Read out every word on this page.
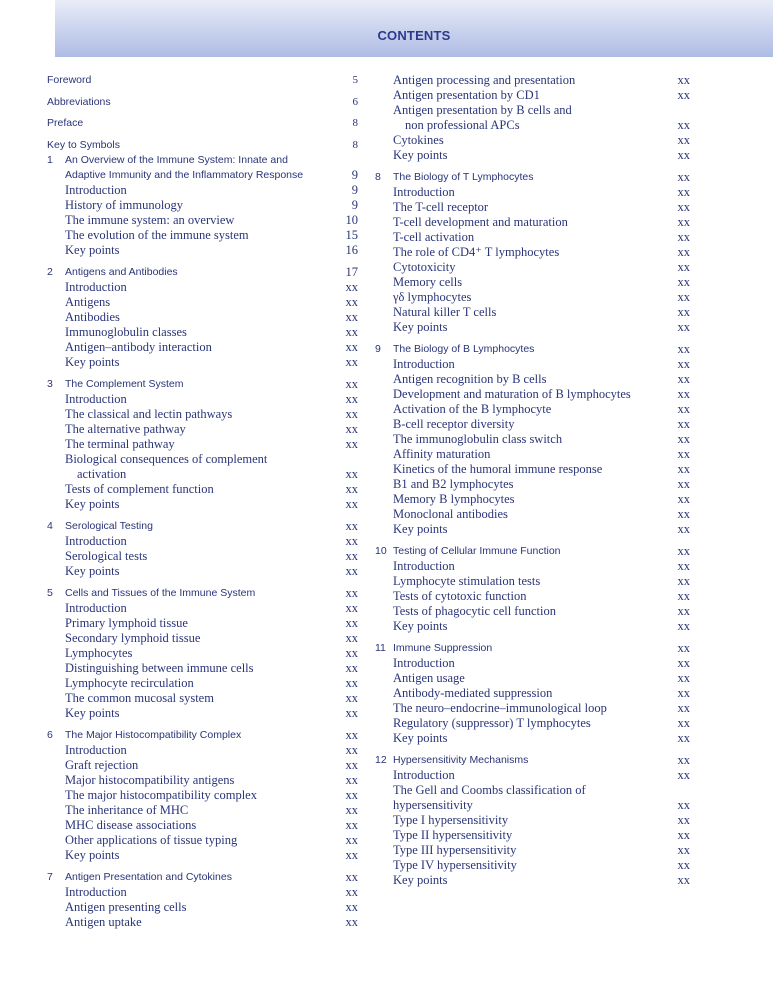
CONTENTS
Foreword	5
Abbreviations	6
Preface	8
Key to Symbols	8
1 An Overview of the Immune System: Innate and
Adaptive Immunity and the Inflammatory Response	9
Introduction	9
History of immunology	9
The immune system: an overview	10
The evolution of the immune system	15
Key points	16
2 Antigens and Antibodies	17
Introduction	xx
Antigens	xx
Antibodies	xx
Immunoglobulin classes	xx
Antigen–antibody interaction	xx
Key points	xx
3 The Complement System	xx
Introduction	xx
The classical and lectin pathways	xx
The alternative pathway	xx
The terminal pathway	xx
Biological consequences of complement
activation	xx
Tests of complement function	xx
Key points	xx
4 Serological Testing	xx
Introduction	xx
Serological tests	xx
Key points	xx
5 Cells and Tissues of the Immune System	xx
Introduction	xx
Primary lymphoid tissue	xx
Secondary lymphoid tissue	xx
Lymphocytes	xx
Distinguishing between immune cells	xx
Lymphocyte recirculation	xx
The common mucosal system	xx
Key points	xx
6 The Major Histocompatibility Complex	xx
Introduction	xx
Graft rejection	xx
Major histocompatibility antigens	xx
The major histocompatibility complex	xx
The inheritance of MHC	xx
MHC disease associations	xx
Other applications of tissue typing	xx
Key points	xx
7 Antigen Presentation and Cytokines	xx
Introduction	xx
Antigen presenting cells	xx
Antigen uptake	xx
Antigen processing and presentation	xx
Antigen presentation by CD1	xx
Antigen presentation by B cells and
non professional APCs	xx
Cytokines	xx
Key points	xx
8 The Biology of T Lymphocytes	xx
Introduction	xx
The T-cell receptor	xx
T-cell development and maturation	xx
T-cell activation	xx
The role of CD4⁺ T lymphocytes	xx
Cytotoxicity	xx
Memory cells	xx
γδ lymphocytes	xx
Natural killer T cells	xx
Key points	xx
9 The Biology of B Lymphocytes	xx
Introduction	xx
Antigen recognition by B cells	xx
Development and maturation of B lymphocytes	xx
Activation of the B lymphocyte	xx
B-cell receptor diversity	xx
The immunoglobulin class switch	xx
Affinity maturation	xx
Kinetics of the humoral immune response	xx
B1 and B2 lymphocytes	xx
Memory B lymphocytes	xx
Monoclonal antibodies	xx
Key points	xx
10 Testing of Cellular Immune Function	xx
Introduction	xx
Lymphocyte stimulation tests	xx
Tests of cytotoxic function	xx
Tests of phagocytic cell function	xx
Key points	xx
11 Immune Suppression	xx
Introduction	xx
Antigen usage	xx
Antibody-mediated suppression	xx
The neuro–endocrine–immunological loop	xx
Regulatory (suppressor) T lymphocytes	xx
Key points	xx
12 Hypersensitivity Mechanisms	xx
Introduction	xx
The Gell and Coombs classification of
hypersensitivity	xx
Type I hypersensitivity	xx
Type II hypersensitivity	xx
Type III hypersensitivity	xx
Type IV hypersensitivity	xx
Key points	xx
